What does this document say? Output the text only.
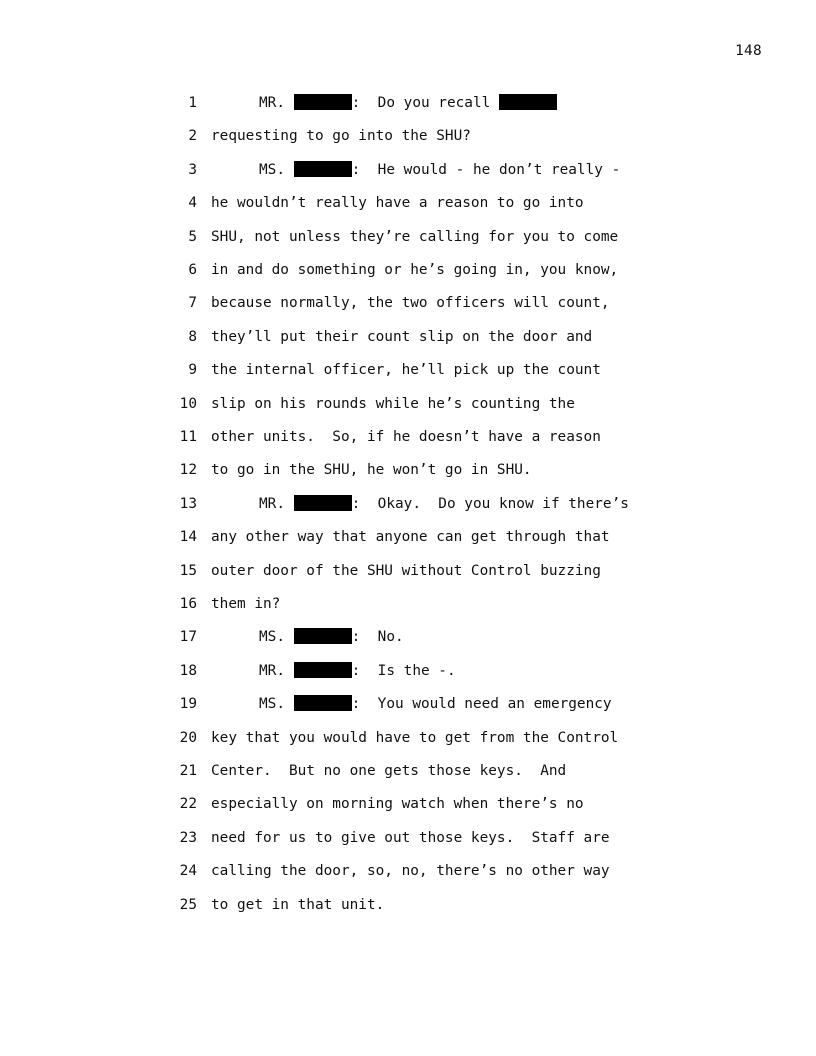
148
1	MR.	:  Do you recall
2 requesting to go into the SHU?
3	MS.	:  He would - he don’t really -
4 he wouldn’t really have a reason to go into
5 SHU, not unless they’re calling for you to come
6 in and do something or he’s going in, you know,
7 because normally, the two officers will count,
8 they’ll put their count slip on the door and
9 the internal officer, he’ll pick up the count
10 slip on his rounds while he’s counting the
11 other units.  So, if he doesn’t have a reason
12 to go in the SHU, he won’t go in SHU.
13	MR.	:  Okay.  Do you know if there’s
14 any other way that anyone can get through that
15 outer door of the SHU without Control buzzing
16 them in?
17	MS.	:  No.
18	MR.	:  Is the -.
19	MS.	:  You would need an emergency
20 key that you would have to get from the Control
21 Center.  But no one gets those keys.  And
22 especially on morning watch when there’s no
23 need for us to give out those keys.  Staff are
24 calling the door, so, no, there’s no other way
25 to get in that unit.
